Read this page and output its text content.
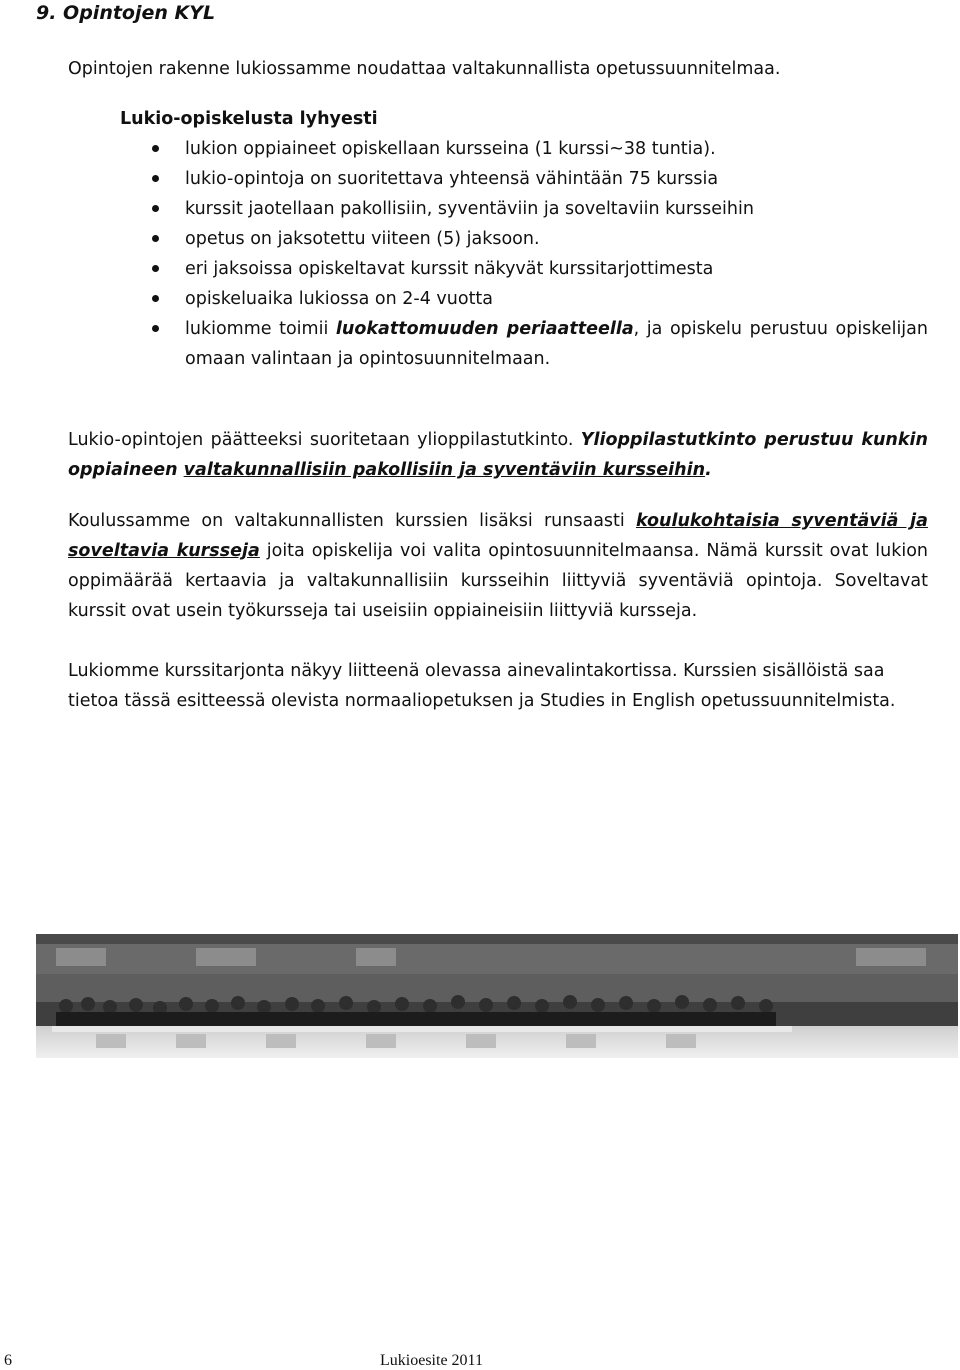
9. Opintojen KYL
Opintojen rakenne lukiossamme noudattaa valtakunnallista opetussuunnitelmaa.
Lukio-opiskelusta lyhyesti
lukion oppiaineet opiskellaan kursseina (1 kurssi~38 tuntia).
lukio-opintoja on suoritettava yhteensä vähintään 75 kurssia
kurssit jaotellaan pakollisiin, syventäviin ja soveltaviin kursseihin
opetus on jaksotettu viiteen (5) jaksoon.
eri jaksoissa opiskeltavat kurssit näkyvät kurssitarjottimesta
opiskeluaika lukiossa on 2-4 vuotta
lukiomme toimii luokattomuuden periaatteella, ja opiskelu perustuu opiskelijan omaan valintaan ja opintosuunnitelmaan.
Lukio-opintojen päätteeksi suoritetaan ylioppilastutkinto. Ylioppilastutkinto perustuu kunkin oppiaineen valtakunnallisiin pakollisiin ja syventäviin kursseihin.
Koulussamme on valtakunnallisten kurssien lisäksi runsaasti koulukohtaisia syventäviä ja soveltavia kursseja joita opiskelija voi valita opintosuunnitelmaansa. Nämä kurssit ovat lukion oppimäärää kertaavia ja valtakunnallisiin kursseihin liittyviä syventäviä opintoja. Soveltavat kurssit ovat usein työkursseja tai useisiin oppiaineisiin liittyviä kursseja.
Lukiomme kurssitarjonta näkyy liitteenä olevassa ainevalintakortissa. Kurssien sisällöistä saa tietoa tässä esitteessä olevista normaaliopetuksen ja Studies in English opetussuunnitelmista.
6	Lukioesite 2011
